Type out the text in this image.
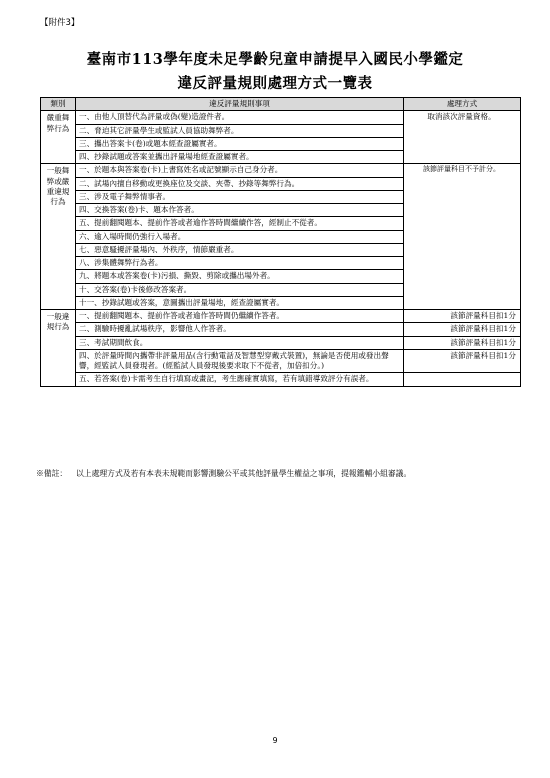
【附件3】
臺南市113學年度未足學齡兒童申請提早入國民小學鑑定
違反評量規則處理方式一覽表
類別	違反評量規則事項	處理方式
嚴重舞弊行為	一、由他人頂替代為評量或偽(變)造證件者。	取消該次評量資格。
	二、脅迫其它評量學生或監試人員協助舞弊者。	
	三、攜出答案卡(卷)或題本經查證屬實者。	
	四、抄錄試題或答案並攜出評量場地經查證屬實者。	
一般舞弊或嚴重違規行為	一、於題本與答案卷(卡)上書寫姓名或記號顯示自己身分者。	該節評量科目不予計分。
	二、試場內擅自移動或更換座位及交談、夾帶、抄錄等舞弊行為。	
	三、涉及電子舞弊情事者。	
	四、交換答案(卷)卡、題本作答者。	
	五、提前翻閱題本、提前作答或者逾作答時間繼續作答，經制止不從者。	
	六、逾入場時間仍強行入場者。	
	七、惡意騷擾評量場內、外秩序，情節嚴重者。	
	八、涉集體舞弊行為者。	
	九、將題本或答案卷(卡)污損、撕毀、剪除或攜出場外者。	
	十、交答案(卷)卡後修改答案者。	
	十一、抄錄試題或答案，意圖攜出評量場地，經查證屬實者。	
一般違規行為	一、提前翻閱題本、提前作答或者逾作答時間仍繼續作答者。	該節評量科目扣1分
	二、測驗時擾亂試場秩序，影響他人作答者。	該節評量科目扣1分
	三、考試期間飲食。	該節評量科目扣1分
	四、於評量時間內攜帶非評量用品(含行動電話及智慧型穿戴式裝置)，無論是否使用或發出聲響，經監試人員發現者。(經監試人員發現後要求取下不從者，加倍扣分。)	該節評量科目扣1分
	五、若答案(卷)卡需考生自行填寫或畫記，考生應確實填寫，若有填錯導致評分有誤者。	
※備註： 以上處理方式及若有本表未規範而影響測驗公平或其他評量學生權益之事項，提報鑑輔小組審議。
9
